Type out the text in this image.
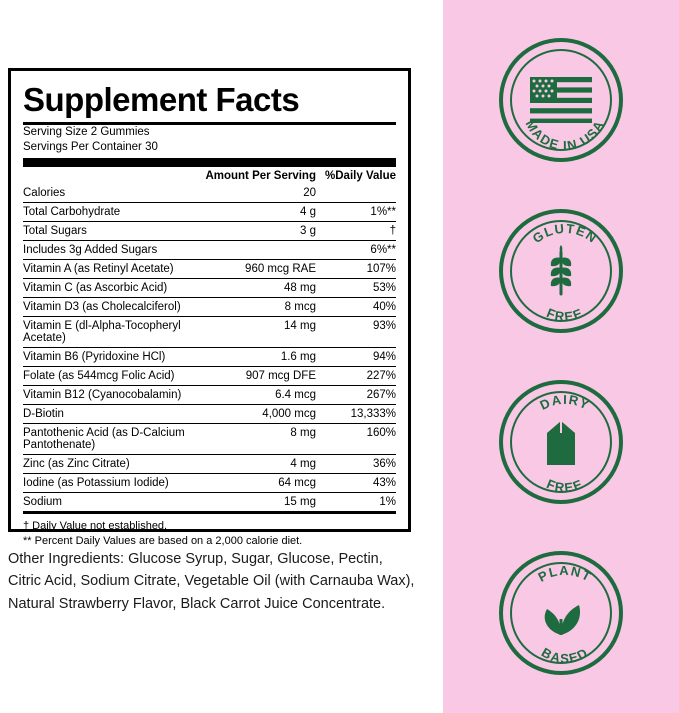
Supplement Facts
Serving Size 2 Gummies
Servings Per Container 30
Amount Per Serving %Daily Value
Calories	20	
Total Carbohydrate	4 g	1%**
Total Sugars	3 g	†
Includes 3g Added Sugars		6%**
Vitamin A (as Retinyl Acetate)	960 mcg RAE	107%
Vitamin C (as Ascorbic Acid)	48 mg	53%
Vitamin D3 (as Cholecalciferol)	8 mcg	40%
Vitamin E (dl-Alpha-Tocopheryl Acetate)	14 mg	93%
Vitamin B6 (Pyridoxine HCl)	1.6 mg	94%
Folate (as 544mcg Folic Acid)	907 mcg DFE	227%
Vitamin B12 (Cyanocobalamin)	6.4 mcg	267%
D-Biotin	4,000 mcg	13,333%
Pantothenic Acid (as D-Calcium Pantothenate)	8 mg	160%
Zinc (as Zinc Citrate)	4 mg	36%
Iodine (as Potassium Iodide)	64 mcg	43%
Sodium	15 mg	1%
† Daily Value not established.
** Percent Daily Values are based on a 2,000 calorie diet.
Other Ingredients: Glucose Syrup, Sugar, Glucose, Pectin, Citric Acid, Sodium Citrate, Vegetable Oil (with Carnauba Wax), Natural Strawberry Flavor, Black Carrot Juice Concentrate.
MADE IN USA
GLUTEN
FREE
DAIRY
FREE
PLANT
BASED
